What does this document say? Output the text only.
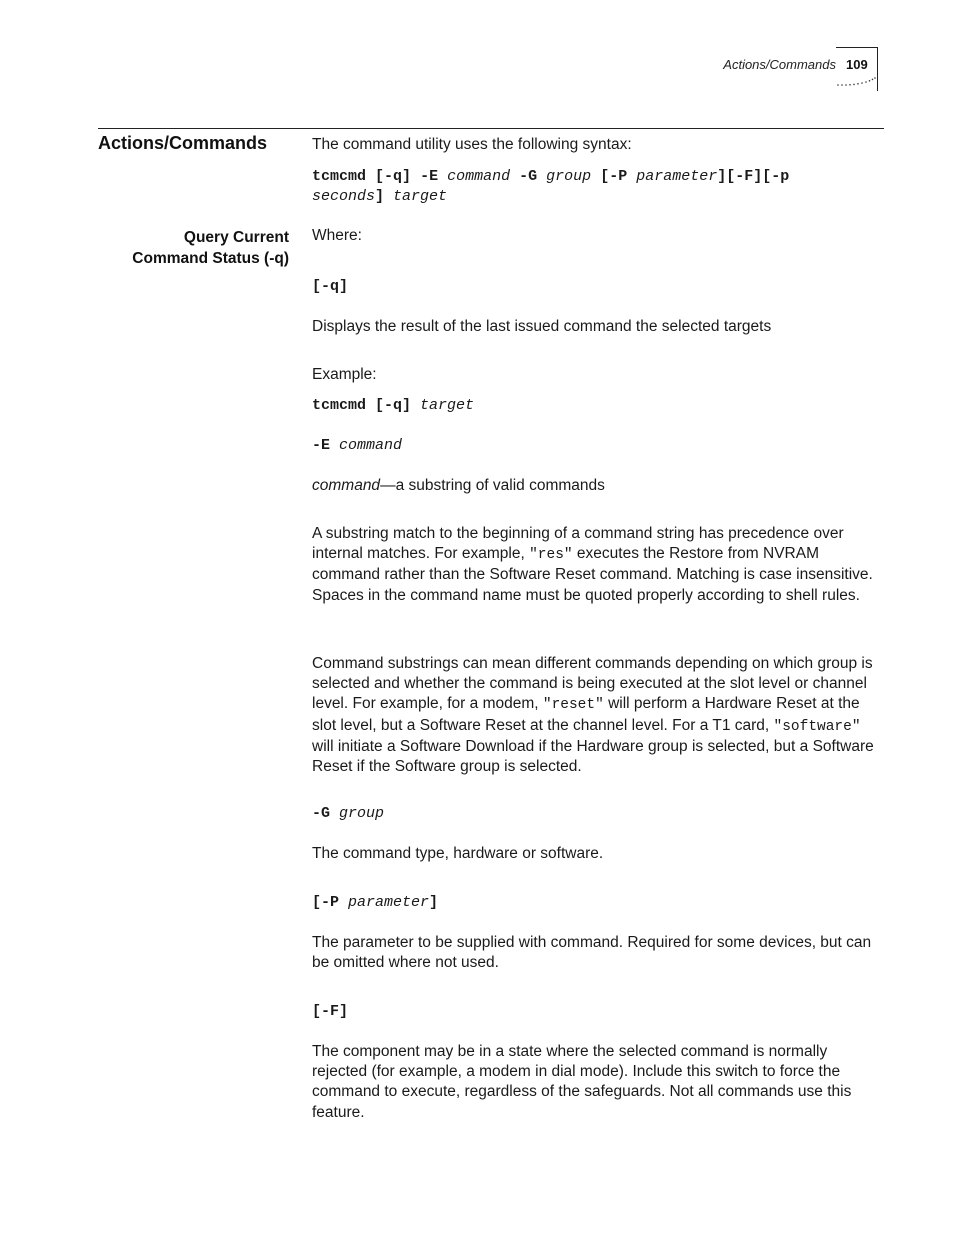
Actions/Commands 109
Actions/Commands
Query Current
Command Status (-q)
The command utility uses the following syntax:
tcmcmd [-q] -E command -G group [-P parameter][-F][-p
seconds] target
Where:
[-q]
Displays the result of the last issued command the selected targets
Example:
tcmcmd [-q] target
-E command
command—a substring of valid commands
A substring match to the beginning of a command string has precedence over internal matches. For example, "res" executes the Restore from NVRAM command rather than the Software Reset command. Matching is case insensitive. Spaces in the command name must be quoted properly according to shell rules.
Command substrings can mean different commands depending on which group is selected and whether the command is being executed at the slot level or channel level. For example, for a modem, "reset" will perform a Hardware Reset at the slot level, but a Software Reset at the channel level. For a T1 card, "software" will initiate a Software Download if the Hardware group is selected, but a Software Reset if the Software group is selected.
-G group
The command type, hardware or software.
[-P parameter]
The parameter to be supplied with command. Required for some devices, but can be omitted where not used.
[-F]
The component may be in a state where the selected command is normally rejected (for example, a modem in dial mode). Include this switch to force the command to execute, regardless of the safeguards. Not all commands use this feature.
